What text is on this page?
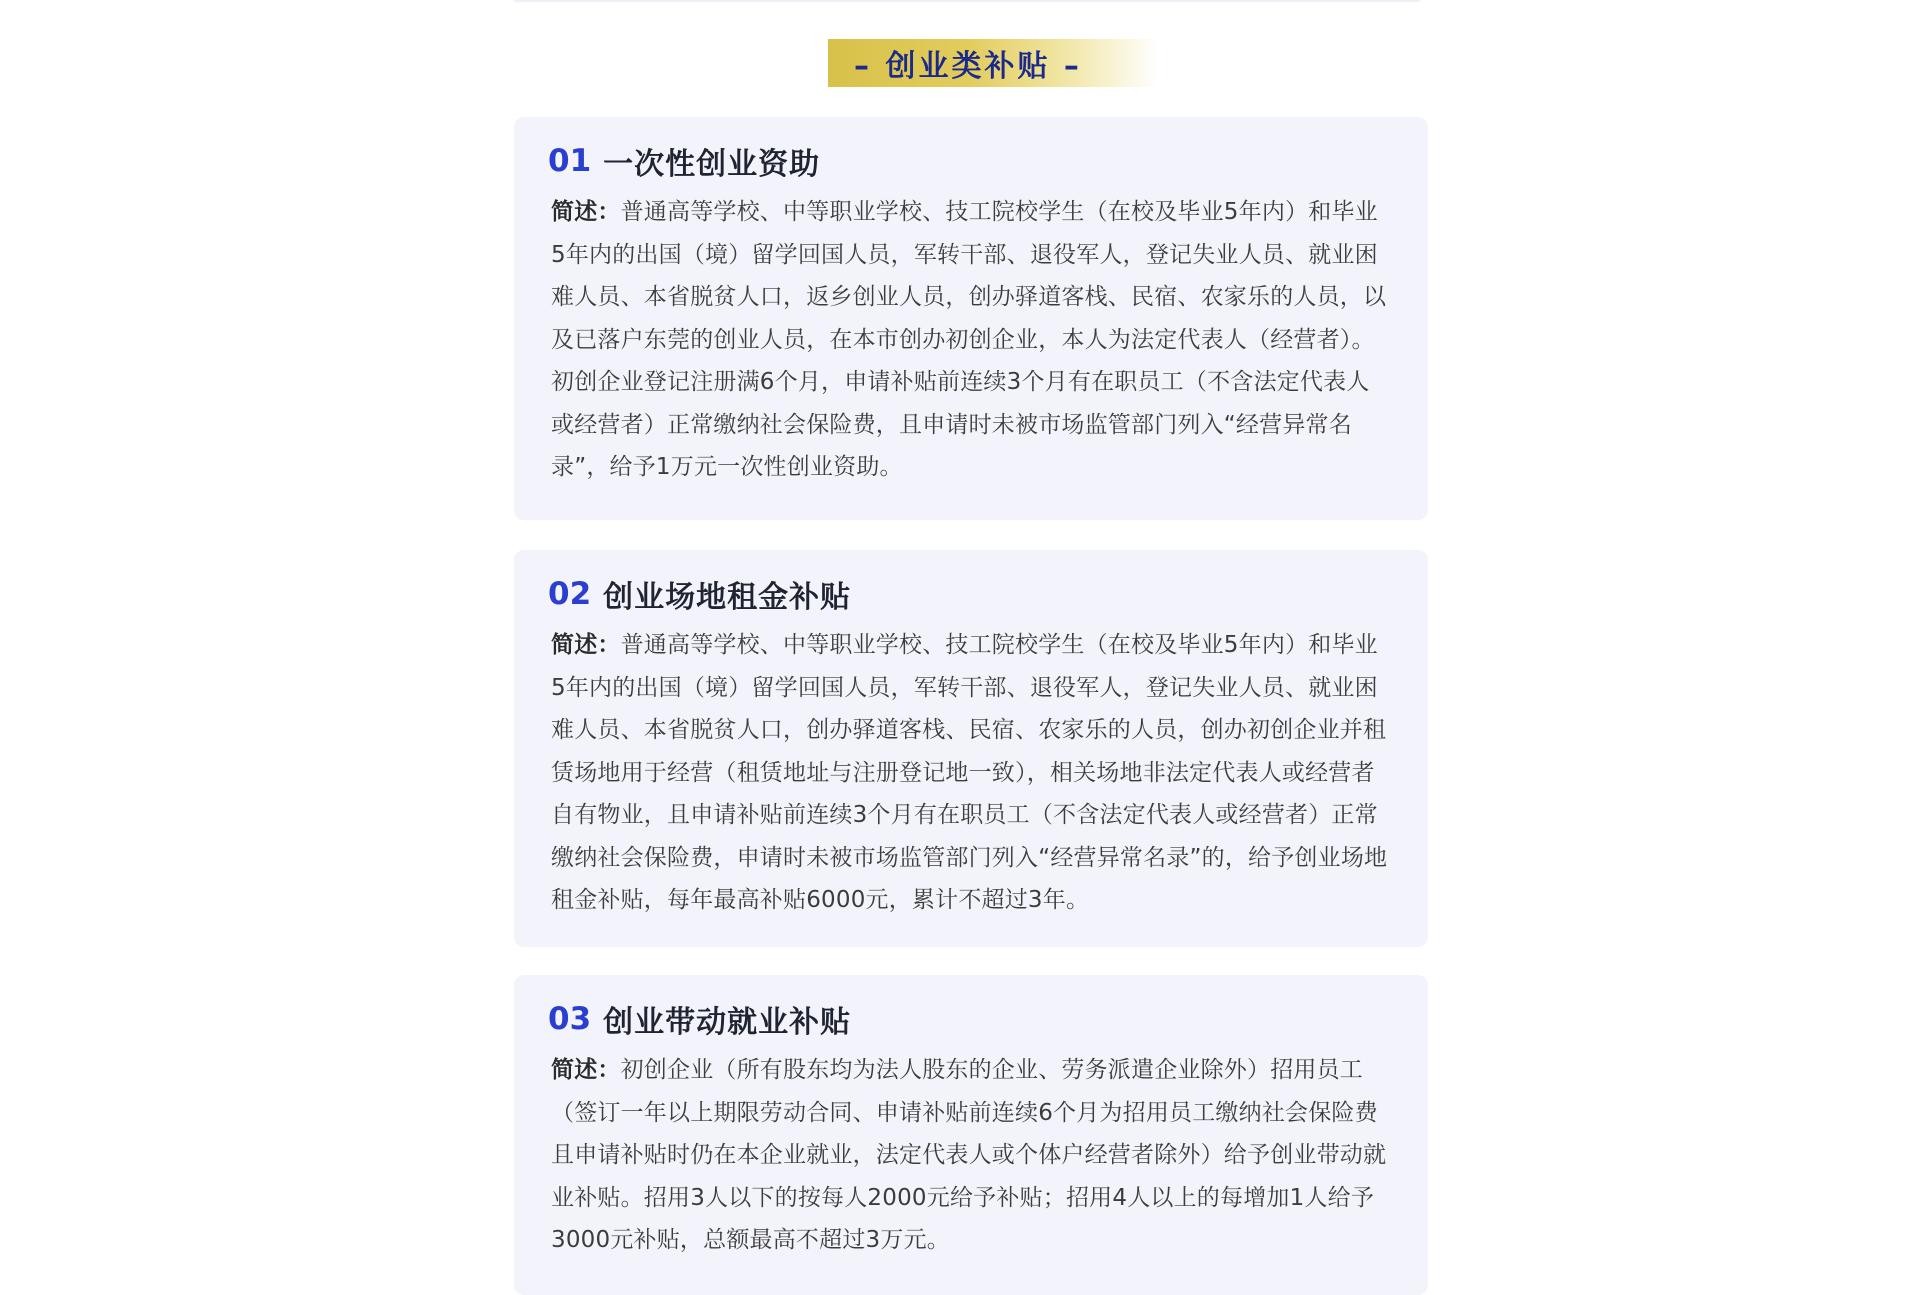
– 创业类补贴 –
01 一次性创业资助
简述：普通高等学校、中等职业学校、技工院校学生（在校及毕业5年内）和毕业5年内的出国（境）留学回国人员，军转干部、退役军人，登记失业人员、就业困难人员、本省脱贫人口，返乡创业人员，创办驿道客栈、民宿、农家乐的人员，以及已落户东莞的创业人员，在本市创办初创企业，本人为法定代表人（经营者）。初创企业登记注册满6个月，申请补贴前连续3个月有在职员工（不含法定代表人或经营者）正常缴纳社会保险费，且申请时未被市场监管部门列入“经营异常名录”，给予1万元一次性创业资助。
02 创业场地租金补贴
简述：普通高等学校、中等职业学校、技工院校学生（在校及毕业5年内）和毕业5年内的出国（境）留学回国人员，军转干部、退役军人，登记失业人员、就业困难人员、本省脱贫人口，创办驿道客栈、民宿、农家乐的人员，创办初创企业并租赁场地用于经营（租赁地址与注册登记地一致），相关场地非法定代表人或经营者自有物业，且申请补贴前连续3个月有在职员工（不含法定代表人或经营者）正常缴纳社会保险费，申请时未被市场监管部门列入“经营异常名录”的，给予创业场地租金补贴，每年最高补贴6000元，累计不超过3年。
03 创业带动就业补贴
简述：初创企业（所有股东均为法人股东的企业、劳务派遣企业除外）招用员工（签订一年以上期限劳动合同、申请补贴前连续6个月为招用员工缴纳社会保险费且申请补贴时仍在本企业就业，法定代表人或个体户经营者除外）给予创业带动就业补贴。招用3人以下的按每人2000元给予补贴；招用4人以上的每增加1人给予3000元补贴，总额最高不超过3万元。
